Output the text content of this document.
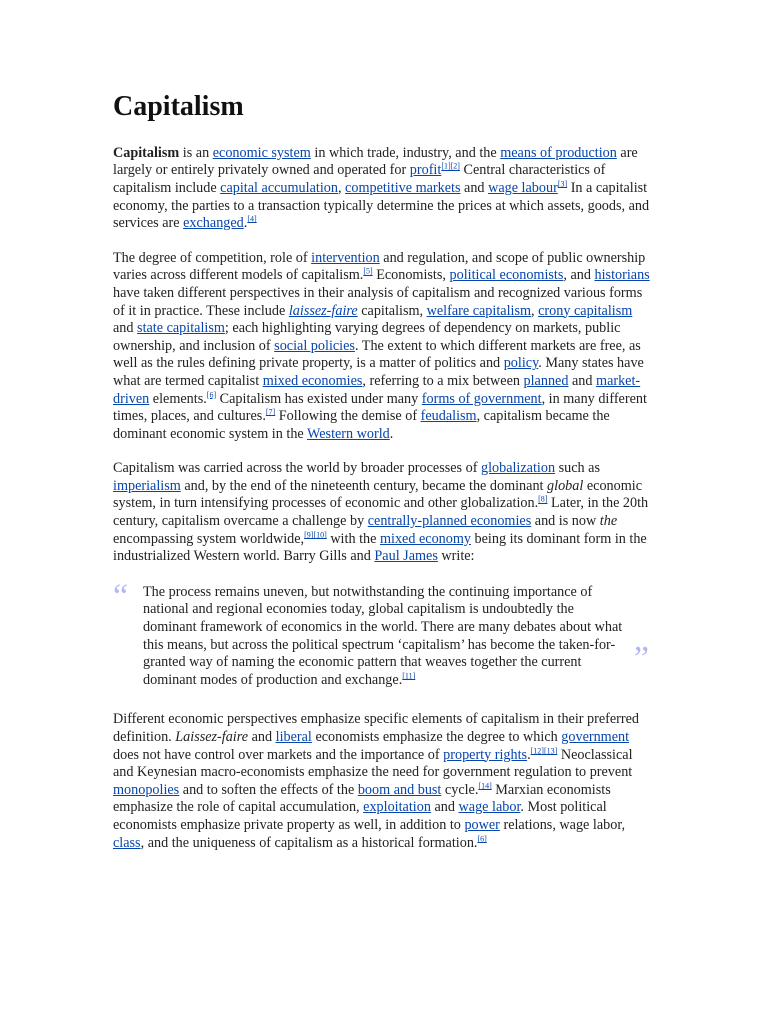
Capitalism

Capitalism is an economic system in which trade, industry, and the means of production are largely or entirely privately owned and operated for profit[1][2] Central characteristics of capitalism include capital accumulation, competitive markets and wage labour[3] In a capitalist economy, the parties to a transaction typically determine the prices at which assets, goods, and services are exchanged.[4]

The degree of competition, role of intervention and regulation, and scope of public ownership varies across different models of capitalism.[5] Economists, political economists, and historians have taken different perspectives in their analysis of capitalism and recognized various forms of it in practice. These include laissez-faire capitalism, welfare capitalism, crony capitalism and state capitalism; each highlighting varying degrees of dependency on markets, public ownership, and inclusion of social policies. The extent to which different markets are free, as well as the rules defining private property, is a matter of politics and policy. Many states have what are termed capitalist mixed economies, referring to a mix between planned and market-driven elements.[6] Capitalism has existed under many forms of government, in many different times, places, and cultures.[7] Following the demise of feudalism, capitalism became the dominant economic system in the Western world.

Capitalism was carried across the world by broader processes of globalization such as imperialism and, by the end of the nineteenth century, became the dominant global economic system, in turn intensifying processes of economic and other globalization.[8] Later, in the 20th century, capitalism overcame a challenge by centrally-planned economies and is now the encompassing system worldwide,[9][10] with the mixed economy being its dominant form in the industrialized Western world. Barry Gills and Paul James write:

“ The process remains uneven, but notwithstanding the continuing importance of national and regional economies today, global capitalism is undoubtedly the dominant framework of economics in the world. There are many debates about what this means, but across the political spectrum ‘capitalism’ has become the taken-for-granted way of naming the economic pattern that weaves together the current dominant modes of production and exchange.[11]	”

Different economic perspectives emphasize specific elements of capitalism in their preferred definition. Laissez-faire and liberal economists emphasize the degree to which government does not have control over markets and the importance of property rights.[12][13] Neoclassical and Keynesian macro-economists emphasize the need for government regulation to prevent monopolies and to soften the effects of the boom and bust cycle.[14] Marxian economists emphasize the role of capital accumulation, exploitation and wage labor. Most political economists emphasize private property as well, in addition to power relations, wage labor, class, and the uniqueness of capitalism as a historical formation.[6]
